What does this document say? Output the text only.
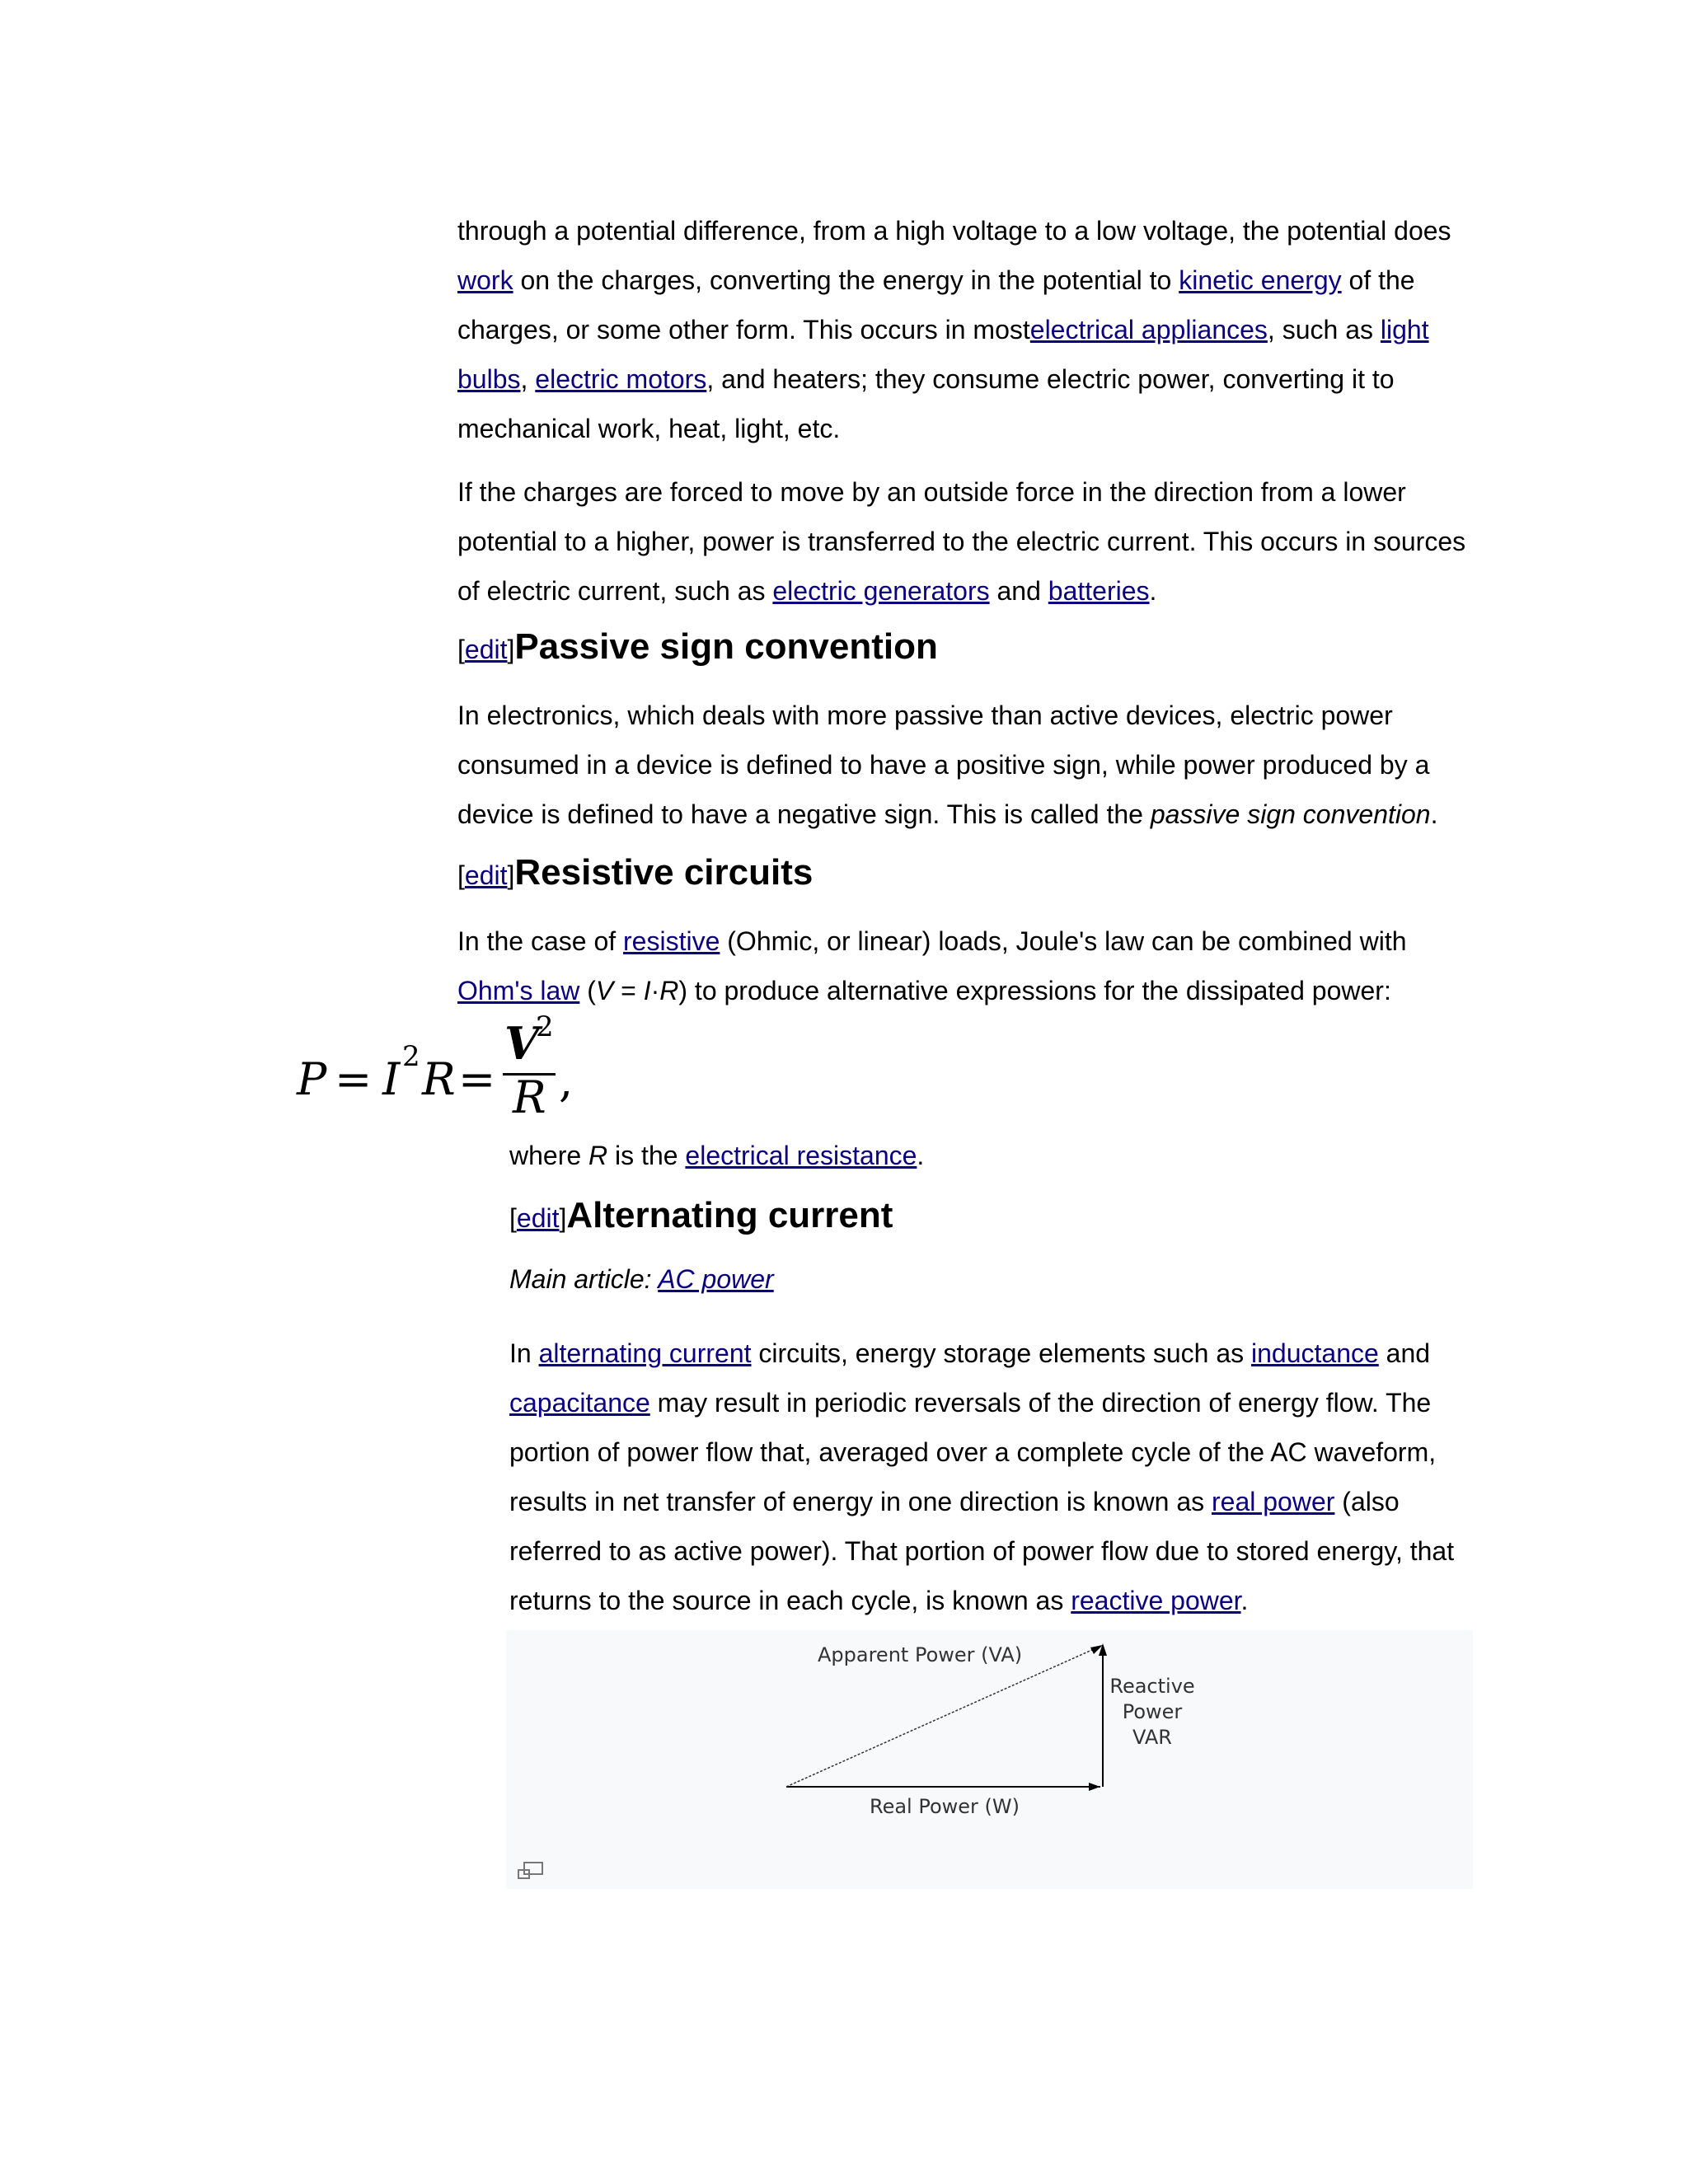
through a potential difference, from a high voltage to a low voltage, the potential does work on the charges, converting the energy in the potential to kinetic energy of the charges, or some other form. This occurs in mostelectrical appliances, such as light bulbs, electric motors, and heaters; they consume electric power, converting it to mechanical work, heat, light, etc.

If the charges are forced to move by an outside force in the direction from a lower potential to a higher, power is transferred to the electric current. This occurs in sources of electric current, such as electric generators and batteries.

[ edit ] Passive sign convention

In electronics, which deals with more passive than active devices, electric power consumed in a device is defined to have a positive sign, while power produced by a device is defined to have a negative sign. This is called the passive sign convention.

[ edit ] Resistive circuits

In the case of resistive (Ohmic, or linear) loads, Joule's law can be combined with Ohm's law (V = I·R) to produce alternative expressions for the dissipated power:

P = I 2 R =
V
2
R ,

where R is the electrical resistance.

[ edit ] Alternating current

Main article: AC power

In alternating current circuits, energy storage elements such as inductance and capacitance may result in periodic reversals of the direction of energy flow. The portion of power flow that, averaged over a complete cycle of the AC waveform, results in net transfer of energy in one direction is known as real power (also referred to as active power). That portion of power flow due to stored energy, that returns to the source in each cycle, is known as reactive power.

Apparent Power (VA)
Reactive
Power
VAR
Real Power (W)
